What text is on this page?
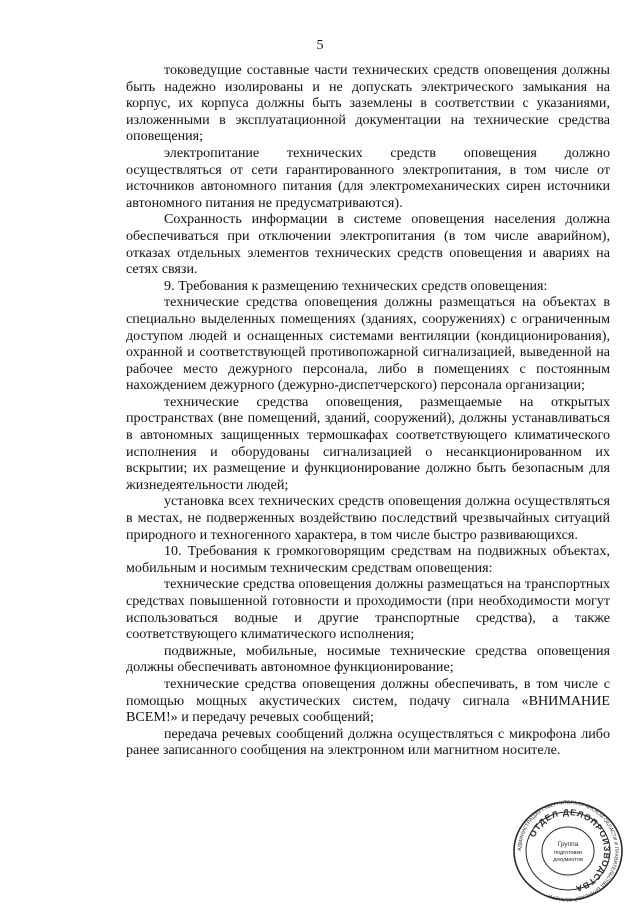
5

токоведущие составные части технических средств оповещения должны быть надежно изолированы и не допускать электрического замыкания на корпус, их корпуса должны быть заземлены в соответствии с указаниями, изложенными в эксплуатационной документации на технические средства оповещения;

электропитание технических средств оповещения должно осуществляться от сети гарантированного электропитания, в том числе от источников автономного питания (для электромеханических сирен источники автономного питания не предусматриваются).

Сохранность информации в системе оповещения населения должна обеспечиваться при отключении электропитания (в том числе аварийном), отказах отдельных элементов технических средств оповещения и авариях на сетях связи.

9. Требования к размещению технических средств оповещения:

технические средства оповещения должны размещаться на объектах в специально выделенных помещениях (зданиях, сооружениях) с ограниченным доступом людей и оснащенных системами вентиляции (кондиционирования), охранной и соответствующей противопожарной сигнализацией, выведенной на рабочее место дежурного персонала, либо в помещениях с постоянным нахождением дежурного (дежурно-диспетчерского) персонала организации;

технические средства оповещения, размещаемые на открытых пространствах (вне помещений, зданий, сооружений), должны устанавливаться в автономных защищенных термошкафах соответствующего климатического исполнения и оборудованы сигнализацией о несанкционированном их вскрытии; их размещение и функционирование должно быть безопасным для жизнедеятельности людей;

установка всех технических средств оповещения должна осуществляться в местах, не подверженных воздействию последствий чрезвычайных ситуаций природного и техногенного характера, в том числе быстро развивающихся.

10. Требования к громкоговорящим средствам на подвижных объектах, мобильным и носимым техническим средствам оповещения:

технические средства оповещения должны размещаться на транспортных средствах повышенной готовности и проходимости (при необходимости могут использоваться водные и другие транспортные средства), а также соответствующего климатического исполнения;

подвижные, мобильные, носимые технические средства оповещения должны обеспечивать автономное функционирование;

технические средства оповещения должны обеспечивать, в том числе с помощью мощных акустических систем, подачу сигнала «ВНИМАНИЕ ВСЕМ!» и передачу речевых сообщений;

передача речевых сообщений должна осуществляться с микрофона либо ранее записанного сообщения на электронном или магнитном носителе.

АДМИНИСТРАЦИЯ ГУБЕРНАТОРА БРЯНСКОЙ ОБЛАСТИ И ПРАВИТЕЛЬСТВА БРЯНСКОЙ ОБЛАСТИ
ОТДЕЛ ДЕЛОПРОИЗВОДСТВА
Группа
подготовки
документов
